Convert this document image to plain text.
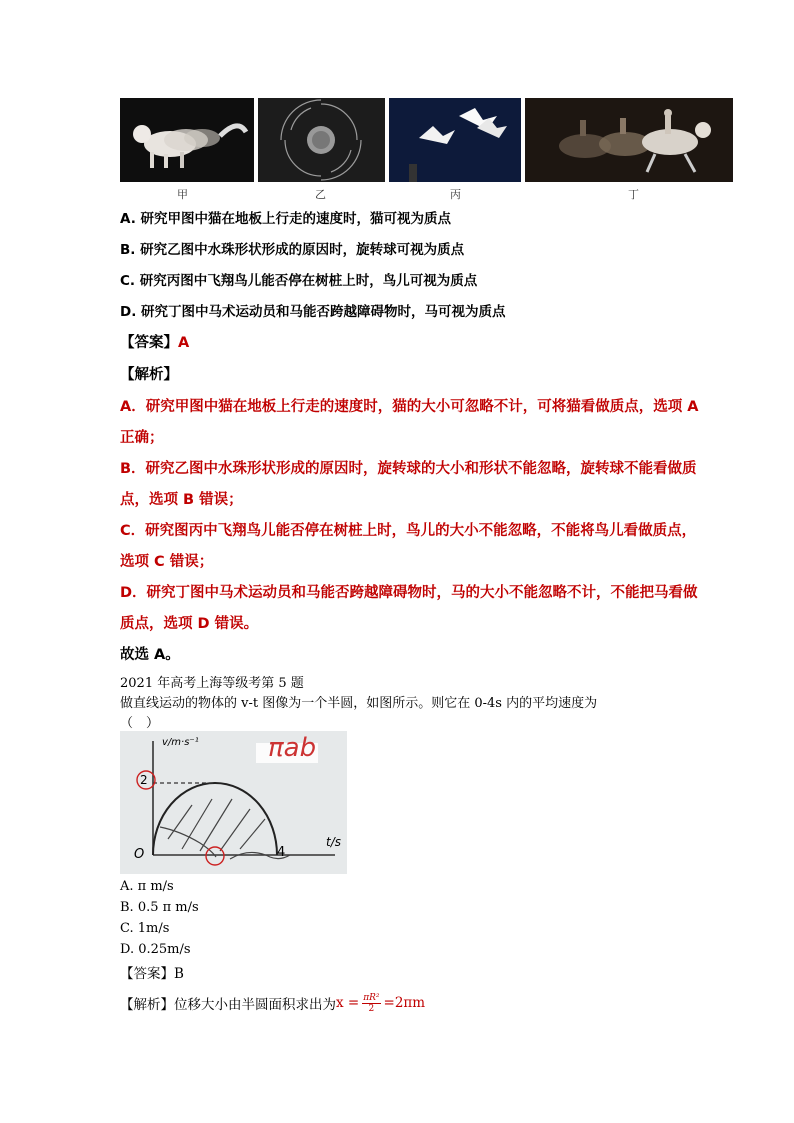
甲	乙	丙	丁
A. 研究甲图中猫在地板上行走的速度时，猫可视为质点
B. 研究乙图中水珠形状形成的原因时，旋转球可视为质点
C. 研究丙图中飞翔鸟儿能否停在树桩上时，鸟儿可视为质点
D. 研究丁图中马术运动员和马能否跨越障碍物时，马可视为质点
【答案】A
【解析】
A．研究甲图中猫在地板上行走的速度时，猫的大小可忽略不计，可将猫看做质点，选项 A
正确；
B．研究乙图中水珠形状形成的原因时，旋转球的大小和形状不能忽略，旋转球不能看做质
点，选项 B 错误；
C．研究图丙中飞翔鸟儿能否停在树桩上时，鸟儿的大小不能忽略，不能将鸟儿看做质点，
选项 C 错误；
D．研究丁图中马术运动员和马能否跨越障碍物时，马的大小不能忽略不计，不能把马看做
质点，选项 D 错误。
故选 A。
2021 年高考上海等级考第 5 题
做直线运动的物体的 v-t 图像为一个半圆，如图所示。则它在 0-4s 内的平均速度为
（　）
v/m·s⁻¹	πab
2
O	4
t/s
A. π m/s
B. 0.5 π m/s
C. 1m/s
D. 0.25m/s
【答案】B
【解析】 位移大小由半圆面积求出为 $x = \frac{\text{πR²}}{2} =2\pi m$
